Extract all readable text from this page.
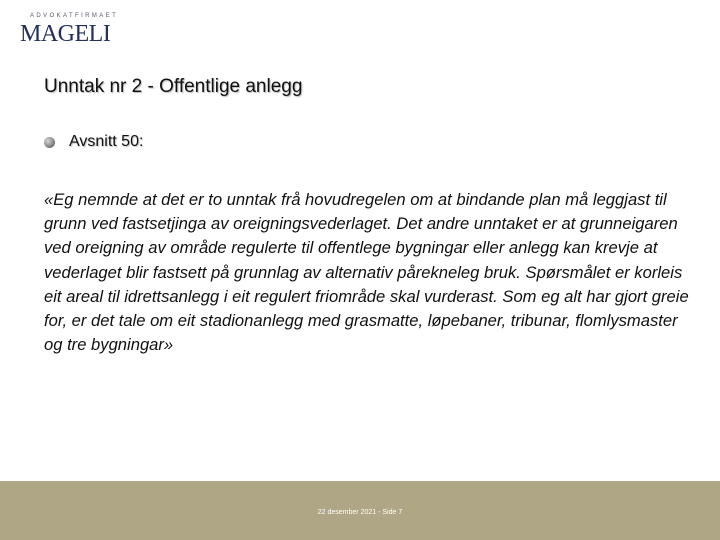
ADVOKATFIRMAET
MAGELI
Unntak nr 2 - Offentlige anlegg
Avsnitt 50:
«Eg nemnde at det er to unntak frå hovudregelen om at bindande plan må leggjast til grunn ved fastsetjinga av oreigningsvederlaget. Det andre unntaket er at grunneigaren ved oreigning av område regulerte til offentlege bygningar eller anlegg kan krevje at vederlaget blir fastsett på grunnlag av alternativ pårekneleg bruk. Spørsmålet er korleis eit areal til idrettsanlegg i eit regulert friområde skal vurderast. Som eg alt har gjort greie for, er det tale om eit stadionanlegg med grasmatte, løpebaner, tribunar, flomlysmaster og tre bygningar»
22 desember 2021 - Side 7
